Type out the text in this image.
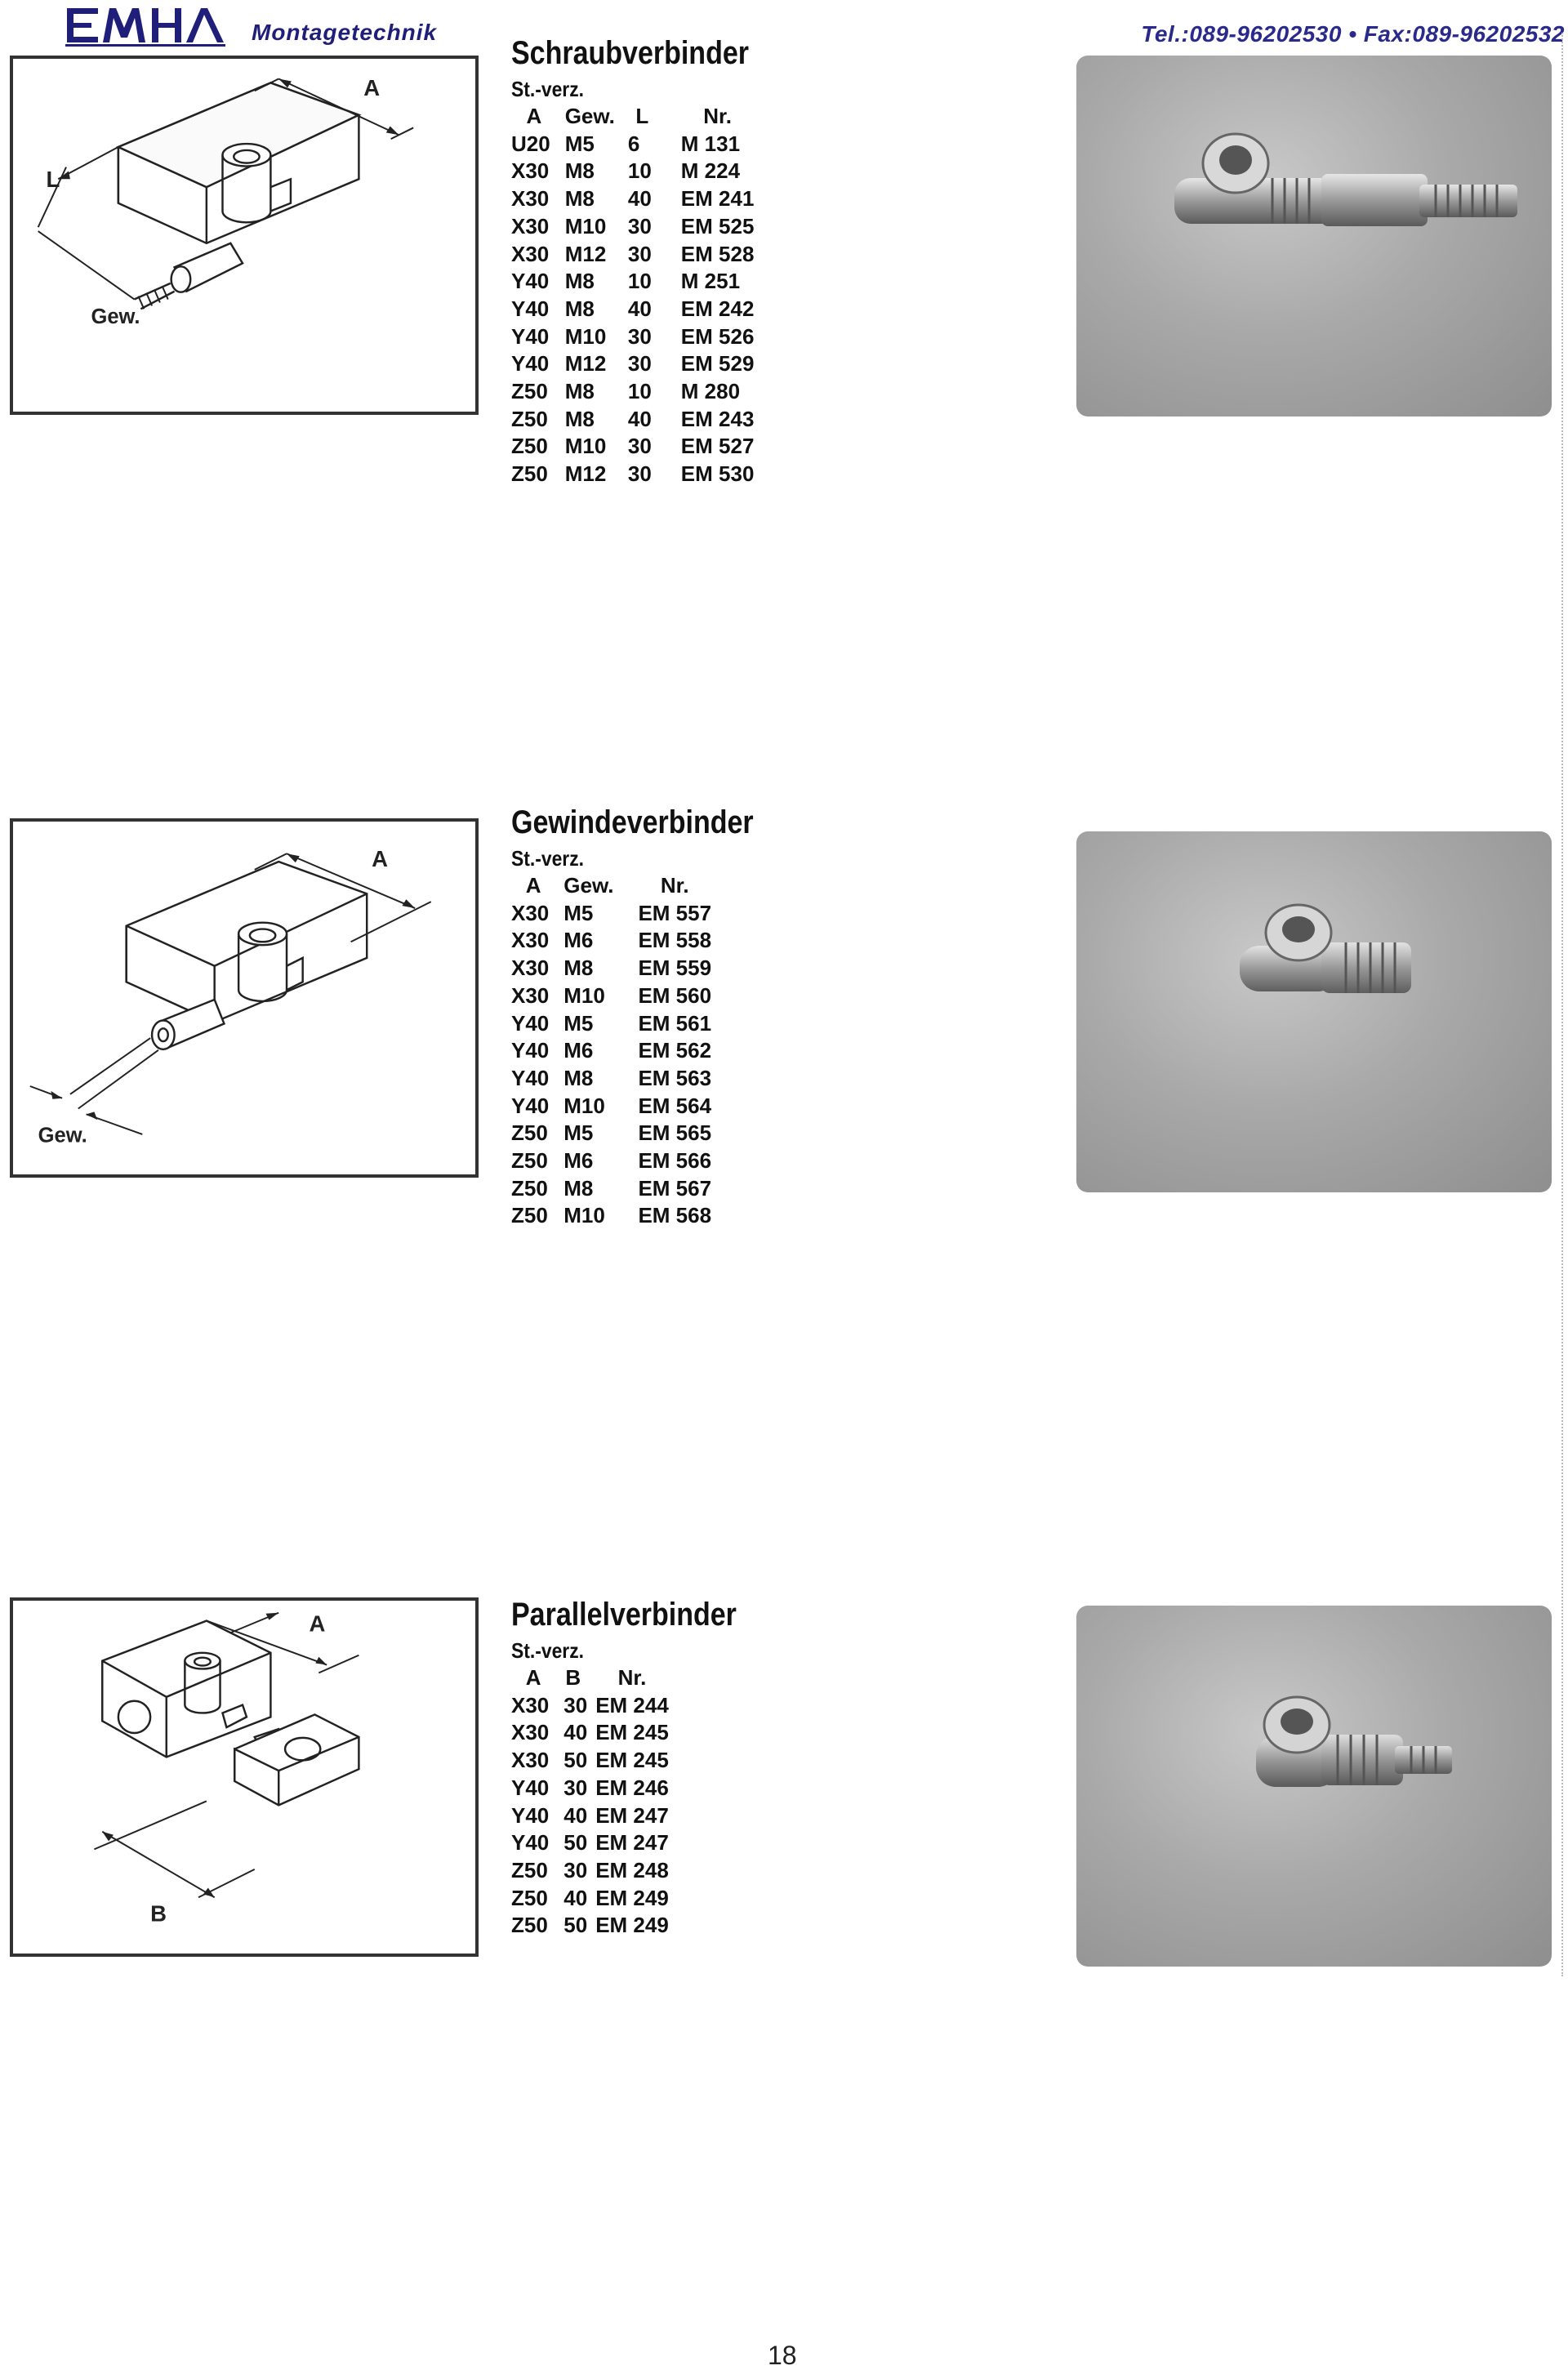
Montagetechnik	Tel.:089-96202530 • Fax:089-96202532
A
L
Gew.
Schraubverbinder
St.-verz.
A	Gew.	L	Nr.
U20	M5	6	M 131
X30	M8	10	M 224
X30	M8	40	EM 241
X30	M10	30	EM 525
X30	M12	30	EM 528
Y40	M8	10	M 251
Y40	M8	40	EM 242
Y40	M10	30	EM 526
Y40	M12	30	EM 529
Z50	M8	10	M 280
Z50	M8	40	EM 243
Z50	M10	30	EM 527
Z50	M12	30	EM 530
A
Gew.
Gewindeverbinder
St.-verz.
A	Gew.	Nr.
X30	M5	EM 557
X30	M6	EM 558
X30	M8	EM 559
X30	M10	EM 560
Y40	M5	EM 561
Y40	M6	EM 562
Y40	M8	EM 563
Y40	M10	EM 564
Z50	M5	EM 565
Z50	M6	EM 566
Z50	M8	EM 567
Z50	M10	EM 568
A
B
Parallelverbinder
St.-verz.
A	B	Nr.
X30	30	EM 244
X30	40	EM 245
X30	50	EM 245
Y40	30	EM 246
Y40	40	EM 247
Y40	50	EM 247
Z50	30	EM 248
Z50	40	EM 249
Z50	50	EM 249
18
